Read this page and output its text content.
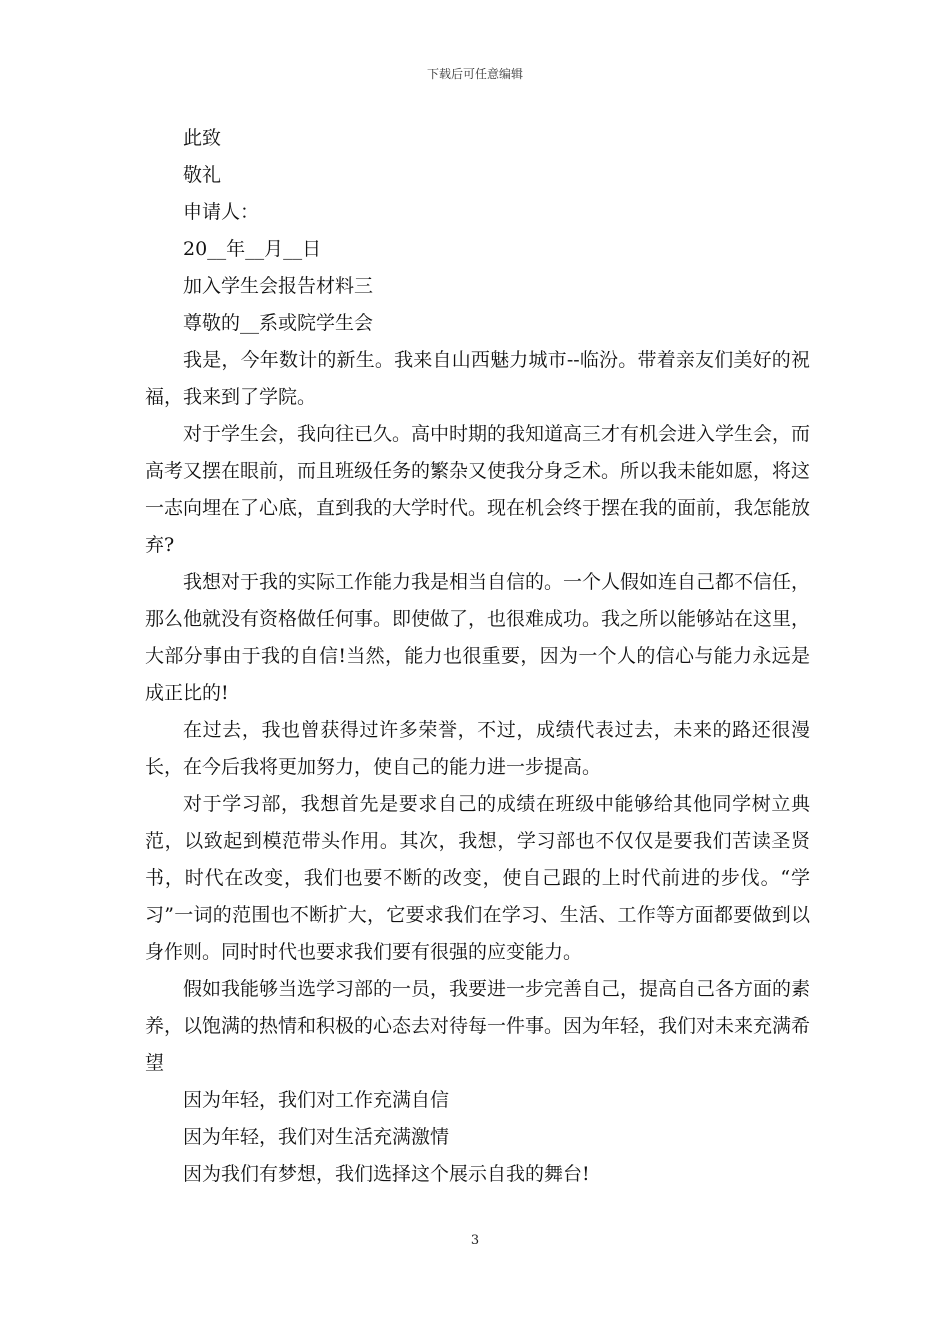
下载后可任意编辑

此致

敬礼

申请人：

20__年__月__日

加入学生会报告材料三

尊敬的__系或院学生会

我是，今年数计的新生。我来自山西魅力城市--临汾。带着亲友们美好的祝福，我来到了学院。

对于学生会，我向往已久。高中时期的我知道高三才有机会进入学生会，而高考又摆在眼前，而且班级任务的繁杂又使我分身乏术。所以我未能如愿，将这一志向埋在了心底，直到我的大学时代。现在机会终于摆在我的面前，我怎能放弃?

我想对于我的实际工作能力我是相当自信的。一个人假如连自己都不信任，那么他就没有资格做任何事。即使做了，也很难成功。我之所以能够站在这里，大部分事由于我的自信!当然，能力也很重要，因为一个人的信心与能力永远是成正比的!

在过去，我也曾获得过许多荣誉，不过，成绩代表过去，未来的路还很漫长，在今后我将更加努力，使自己的能力进一步提高。

对于学习部，我想首先是要求自己的成绩在班级中能够给其他同学树立典范，以致起到模范带头作用。其次，我想，学习部也不仅仅是要我们苦读圣贤书，时代在改变，我们也要不断的改变，使自己跟的上时代前进的步伐。“学习”一词的范围也不断扩大，它要求我们在学习、生活、工作等方面都要做到以身作则。同时时代也要求我们要有很强的应变能力。

假如我能够当选学习部的一员，我要进一步完善自己，提高自己各方面的素养，以饱满的热情和积极的心态去对待每一件事。因为年轻，我们对未来充满希望

因为年轻，我们对工作充满自信

因为年轻，我们对生活充满激情

因为我们有梦想，我们选择这个展示自我的舞台!

3
